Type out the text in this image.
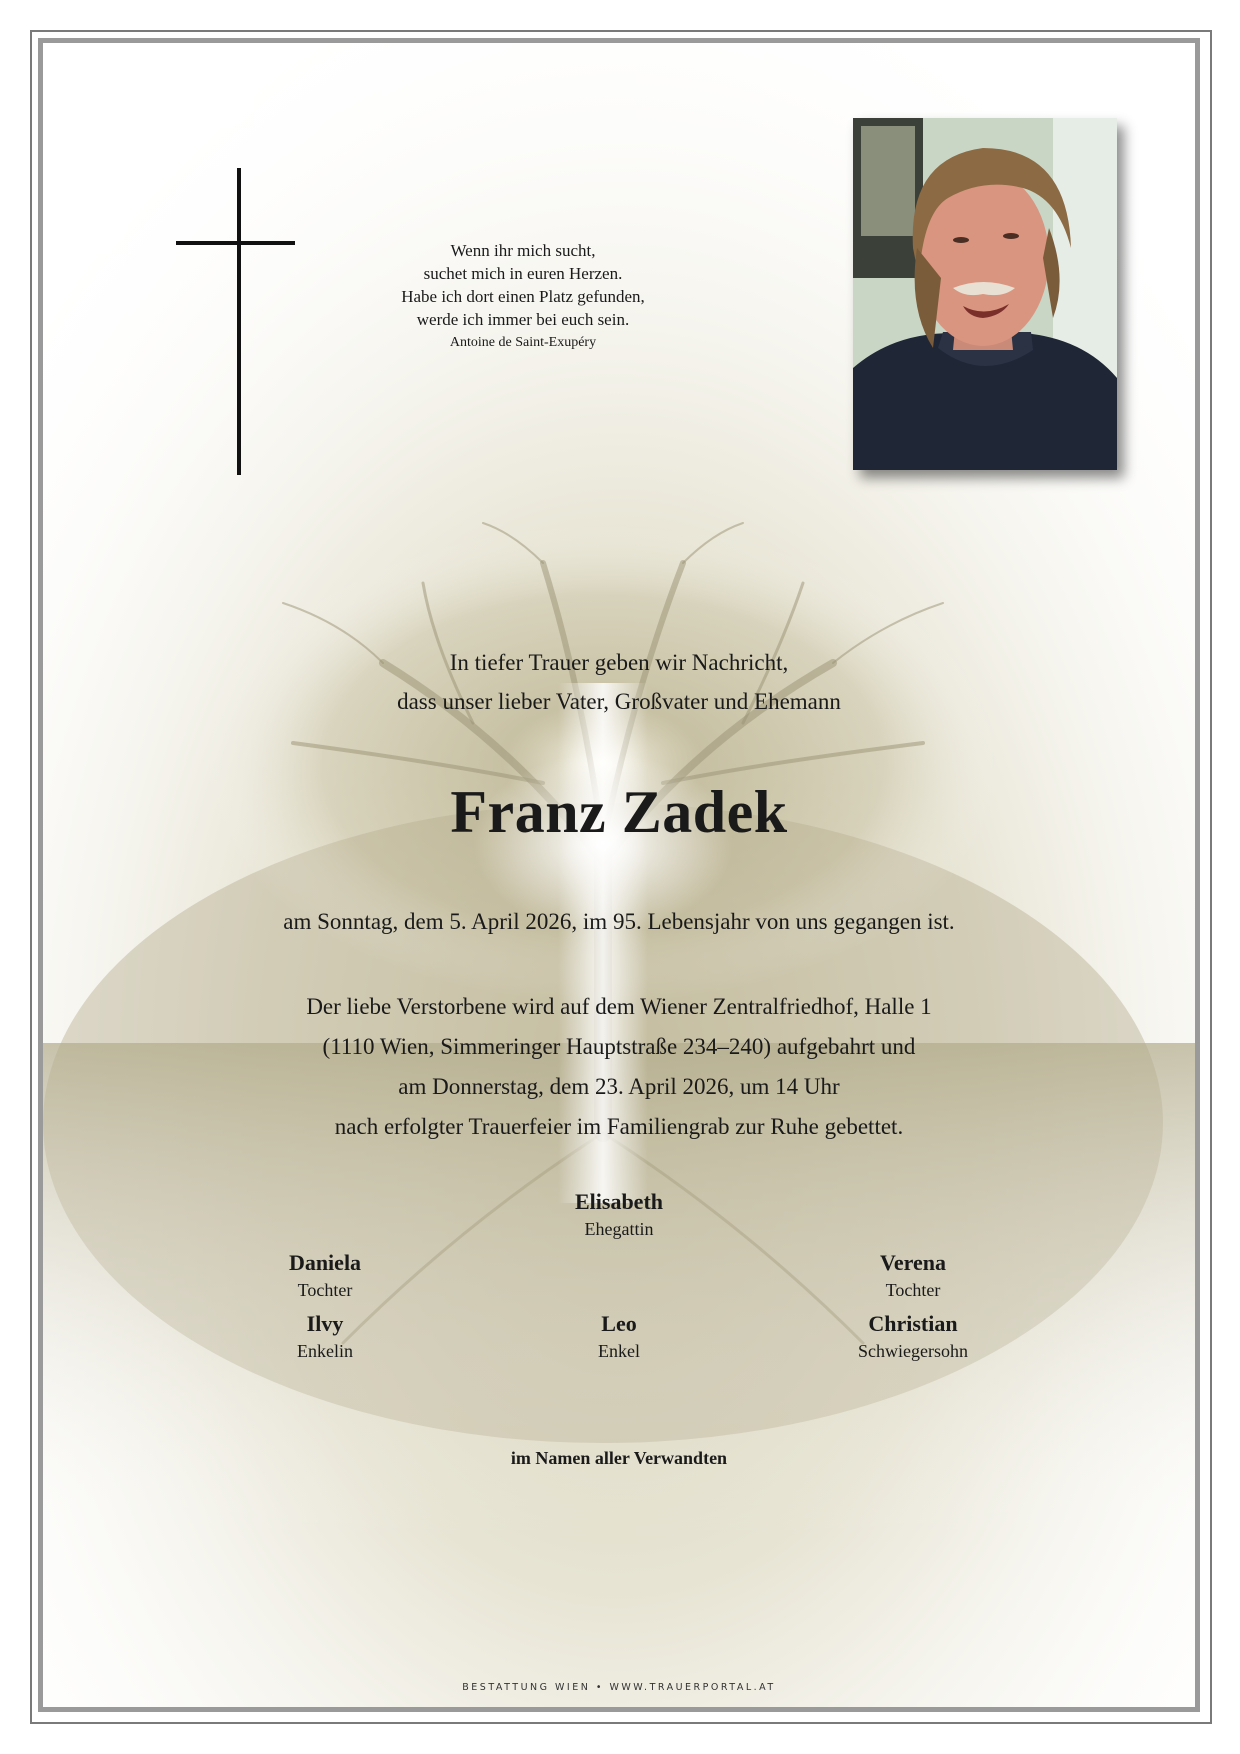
Wenn ihr mich sucht,
suchet mich in euren Herzen.
Habe ich dort einen Platz gefunden,
werde ich immer bei euch sein.
Antoine de Saint-Exupéry
In tiefer Trauer geben wir Nachricht,
dass unser lieber Vater, Großvater und Ehemann
Franz Zadek
am Sonntag, dem 5. April 2026, im 95. Lebensjahr von uns gegangen ist.
Der liebe Verstorbene wird auf dem Wiener Zentralfriedhof, Halle 1
(1110 Wien, Simmeringer Hauptstraße 234–240) aufgebahrt und
am Donnerstag, dem 23. April 2026, um 14 Uhr
nach erfolgter Trauerfeier im Familiengrab zur Ruhe gebettet.
Elisabeth
Ehegattin
Daniela
Tochter
Verena
Tochter
Ilvy
Enkelin
Leo
Enkel
Christian
Schwiegersohn
im Namen aller Verwandten
BESTATTUNG WIEN • WWW.TRAUERPORTAL.AT
